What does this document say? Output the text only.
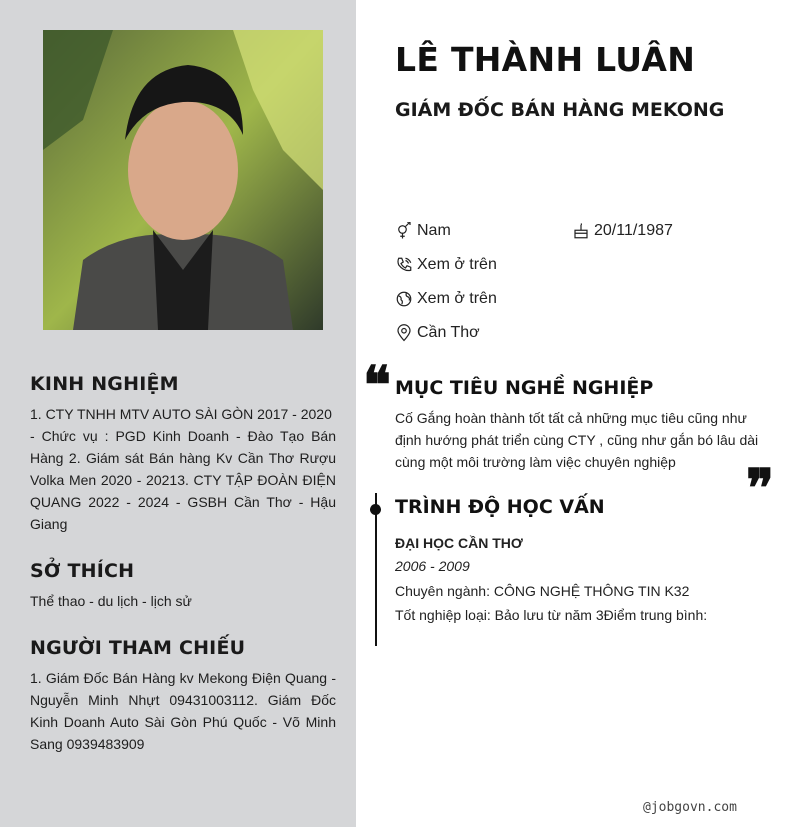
KINH NGHIỆM

1. CTY TNHH MTV AUTO SÀI GÒN 2017 - 2020
- Chức vụ : PGD Kinh Doanh - Đào Tạo Bán Hàng 2. Giám sát Bán hàng Kv Cần Thơ Rượu Volka Men 2020 - 20213. CTY TẬP ĐOÀN ĐIỆN QUANG 2022 - 2024 - GSBH Cần Thơ - Hậu Giang

SỞ THÍCH

Thể thao - du lịch - lịch sử

NGƯỜI THAM CHIẾU

1. Giám Đốc Bán Hàng kv Mekong Điện Quang - Nguyễn Minh Nhựt 09431003112. Giám Đốc Kinh Doanh Auto Sài Gòn Phú Quốc - Võ Minh Sang 0939483909

LÊ THÀNH LUÂN
GIÁM ĐỐC BÁN HÀNG MEKONG
Nam	20/11/1987
Xem ở trên
Xem ở trên
Cần Thơ
❝ MỤC TIÊU NGHỀ NGHIỆP
Cố Gắng hoàn thành tốt tất cả những mục tiêu cũng như định hướng phát triển cùng CTY , cũng như gắn bó lâu dài cùng một môi trường làm việc chuyên nghiệp	❞
TRÌNH ĐỘ HỌC VẤN
ĐẠI HỌC CẦN THƠ
2006 - 2009
Chuyên ngành: CÔNG NGHỆ THÔNG TIN K32
Tốt nghiệp loại: Bảo lưu từ năm 3Điểm trung bình:
@jobgovn.com
